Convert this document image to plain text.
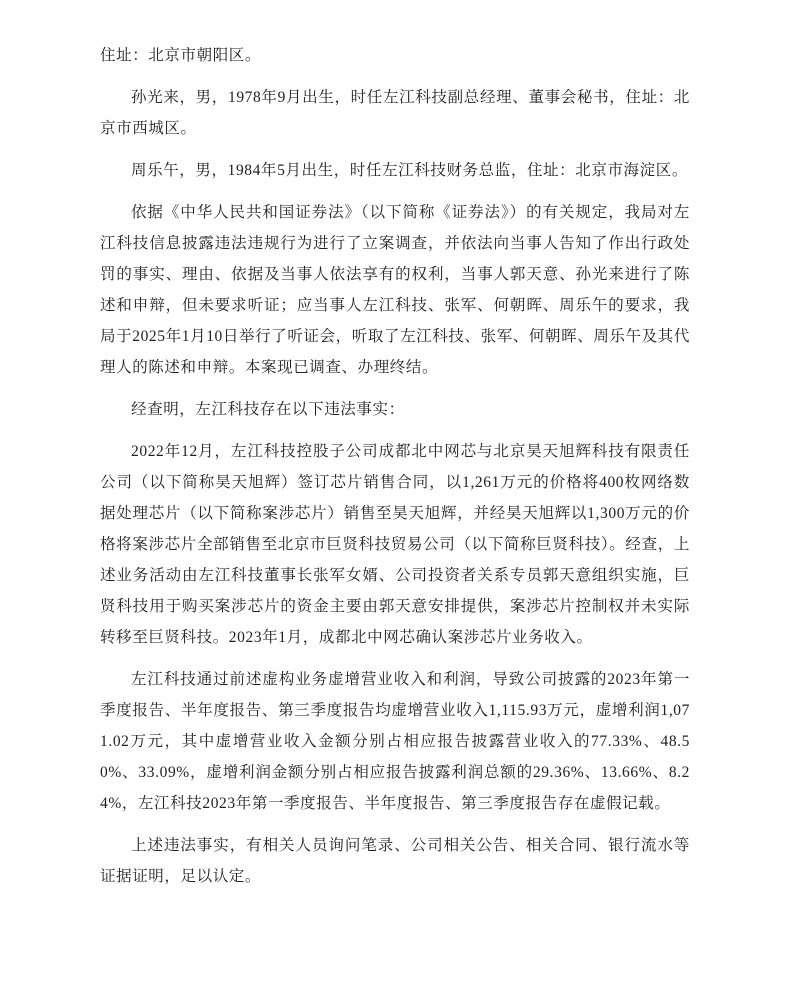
住址：北京市朝阳区。

孙光来，男，1978年9月出生，时任左江科技副总经理、董事会秘书，住址：北京市西城区。

周乐午，男，1984年5月出生，时任左江科技财务总监，住址：北京市海淀区。

依据《中华人民共和国证券法》（以下简称《证券法》）的有关规定，我局对左江科技信息披露违法违规行为进行了立案调查，并依法向当事人告知了作出行政处罚的事实、理由、依据及当事人依法享有的权利，当事人郭天意、孙光来进行了陈述和申辩，但未要求听证；应当事人左江科技、张军、何朝晖、周乐午的要求，我局于2025年1月10日举行了听证会，听取了左江科技、张军、何朝晖、周乐午及其代理人的陈述和申辩。本案现已调查、办理终结。

经查明，左江科技存在以下违法事实：

2022年12月，左江科技控股子公司成都北中网芯与北京昊天旭辉科技有限责任公司（以下简称昊天旭辉）签订芯片销售合同，以1,261万元的价格将400枚网络数据处理芯片（以下简称案涉芯片）销售至昊天旭辉，并经昊天旭辉以1,300万元的价格将案涉芯片全部销售至北京市巨贤科技贸易公司（以下简称巨贤科技）。经查，上述业务活动由左江科技董事长张军女婿、公司投资者关系专员郭天意组织实施，巨贤科技用于购买案涉芯片的资金主要由郭天意安排提供，案涉芯片控制权并未实际转移至巨贤科技。2023年1月，成都北中网芯确认案涉芯片业务收入。

左江科技通过前述虚构业务虚增营业收入和利润，导致公司披露的2023年第一季度报告、半年度报告、第三季度报告均虚增营业收入1,115.93万元，虚增利润1,071.02万元，其中虚增营业收入金额分别占相应报告披露营业收入的77.33%、48.50%、33.09%，虚增利润金额分别占相应报告披露利润总额的29.36%、13.66%、8.24%，左江科技2023年第一季度报告、半年度报告、第三季度报告存在虚假记载。

上述违法事实，有相关人员询问笔录、公司相关公告、相关合同、银行流水等证据证明，足以认定。
